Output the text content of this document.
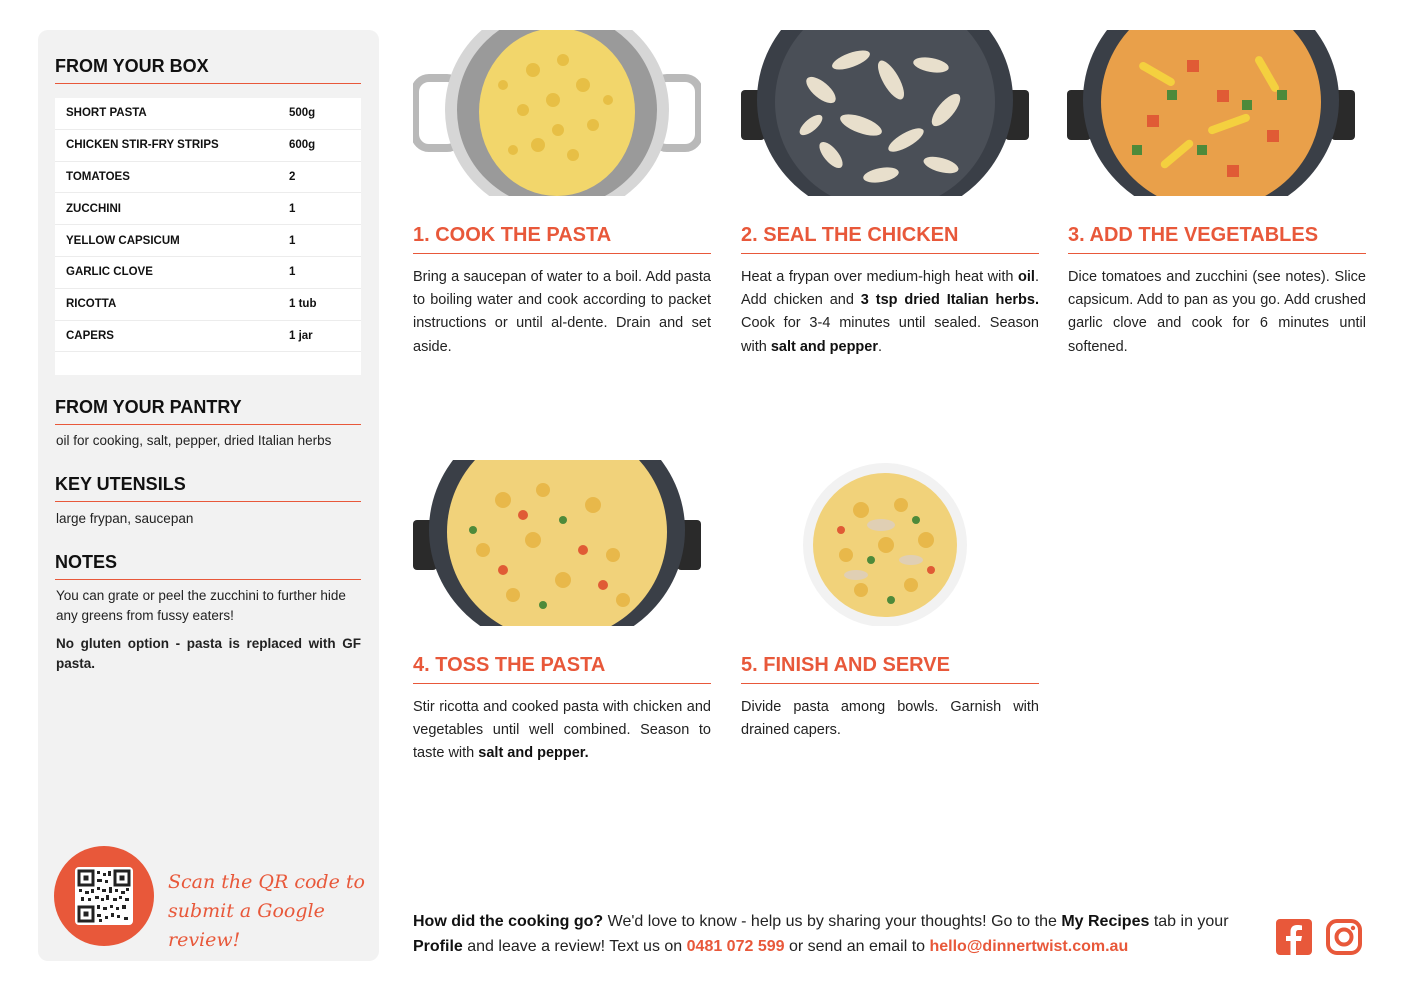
FROM YOUR BOX
SHORT PASTA	500g
CHICKEN STIR-FRY STRIPS	600g
TOMATOES	2
ZUCCHINI	1
YELLOW CAPSICUM	1
GARLIC CLOVE	1
RICOTTA	1 tub
CAPERS	1 jar
FROM YOUR PANTRY
oil for cooking, salt, pepper, dried Italian herbs
KEY UTENSILS
large frypan, saucepan
NOTES
You can grate or peel the zucchini to further hide any greens from fussy eaters!
No gluten option - pasta is replaced with GF pasta.
Scan the QR code to
submit a Google review!
1. COOK THE PASTA
Bring a saucepan of water to a boil. Add pasta to boiling water and cook according to packet instructions or until al-dente. Drain and set aside.
2. SEAL THE CHICKEN
Heat a frypan over medium-high heat with oil. Add chicken and 3 tsp dried Italian herbs. Cook for 3-4 minutes until sealed. Season with salt and pepper.
3. ADD THE VEGETABLES
Dice tomatoes and zucchini (see notes). Slice capsicum. Add to pan as you go. Add crushed garlic clove and cook for 6 minutes until softened.
4. TOSS THE PASTA
Stir ricotta and cooked pasta with chicken and vegetables until well combined. Season to taste with salt and pepper.
5. FINISH AND SERVE
Divide pasta among bowls. Garnish with drained capers.
How did the cooking go? We'd love to know - help us by sharing your thoughts! Go to the My Recipes tab in your Profile and leave a review! Text us on 0481 072 599 or send an email to hello@dinnertwist.com.au
